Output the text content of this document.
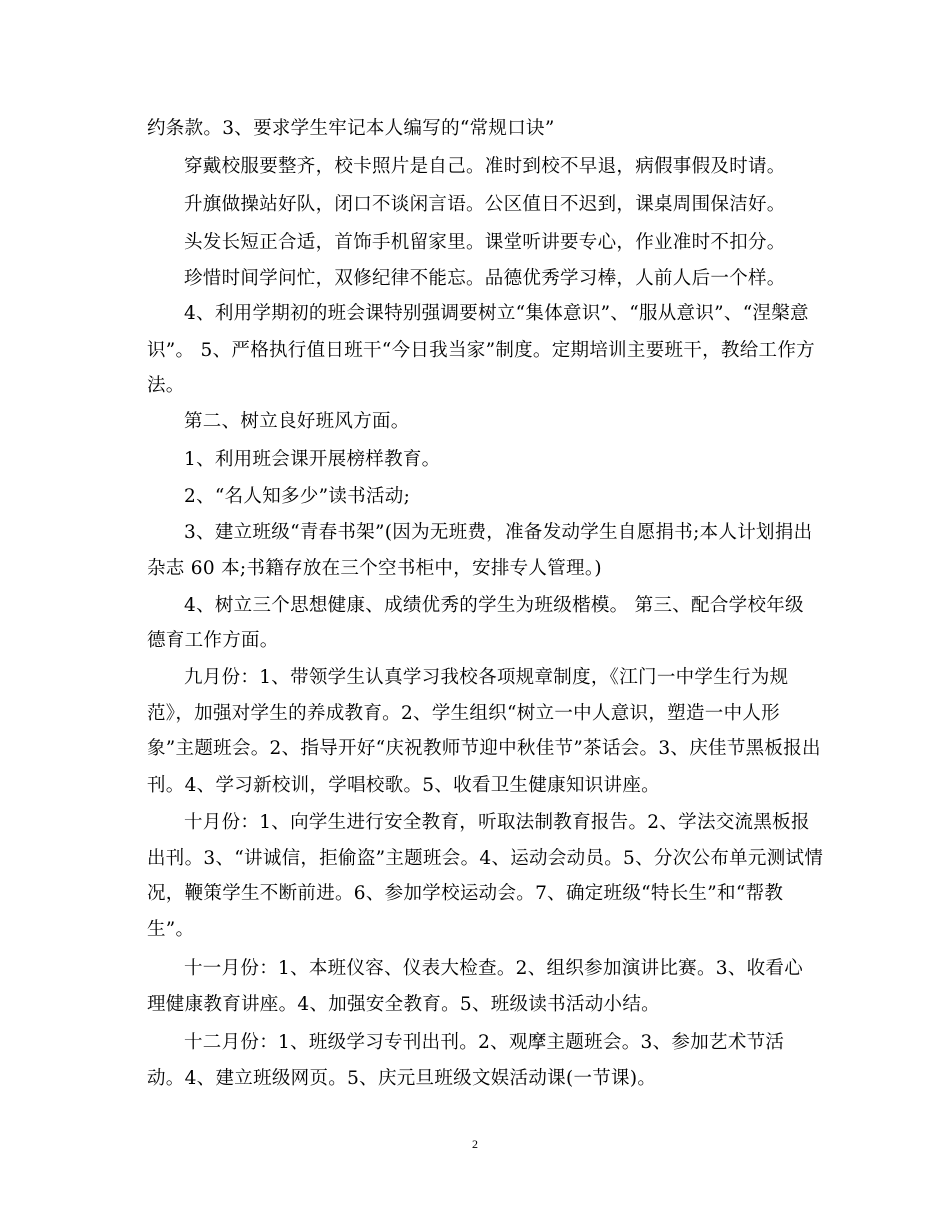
约条款。3、要求学生牢记本人编写的“常规口诀”
穿戴校服要整齐，校卡照片是自己。准时到校不早退，病假事假及时请。
升旗做操站好队，闭口不谈闲言语。公区值日不迟到，课桌周围保洁好。
头发长短正合适，首饰手机留家里。课堂听讲要专心，作业准时不扣分。
珍惜时间学问忙，双修纪律不能忘。品德优秀学习棒，人前人后一个样。
4、利用学期初的班会课特别强调要树立“集体意识”、“服从意识”、“涅槃意
识”。 5、严格执行值日班干“今日我当家”制度。定期培训主要班干，教给工作方
法。
第二、树立良好班风方面。
1、利用班会课开展榜样教育。
2、“名人知多少”读书活动;
3、建立班级“青春书架”(因为无班费，准备发动学生自愿捐书;本人计划捐出
杂志 60 本;书籍存放在三个空书柜中，安排专人管理。)
4、树立三个思想健康、成绩优秀的学生为班级楷模。 第三、配合学校年级
德育工作方面。
九月份：1、带领学生认真学习我校各项规章制度，《江门一中学生行为规
范》，加强对学生的养成教育。2、学生组织“树立一中人意识，塑造一中人形
象”主题班会。2、指导开好“庆祝教师节迎中秋佳节”茶话会。3、庆佳节黑板报出
刊。4、学习新校训，学唱校歌。5、收看卫生健康知识讲座。
十月份：1、向学生进行安全教育，听取法制教育报告。2、学法交流黑板报
出刊。3、“讲诚信，拒偷盗”主题班会。4、运动会动员。5、分次公布单元测试情
况，鞭策学生不断前进。6、参加学校运动会。7、确定班级“特长生”和“帮教
生”。
十一月份：1、本班仪容、仪表大检查。2、组织参加演讲比赛。3、收看心
理健康教育讲座。4、加强安全教育。5、班级读书活动小结。
十二月份：1、班级学习专刊出刊。2、观摩主题班会。3、参加艺术节活
动。4、建立班级网页。5、庆元旦班级文娱活动课(一节课)。
2
